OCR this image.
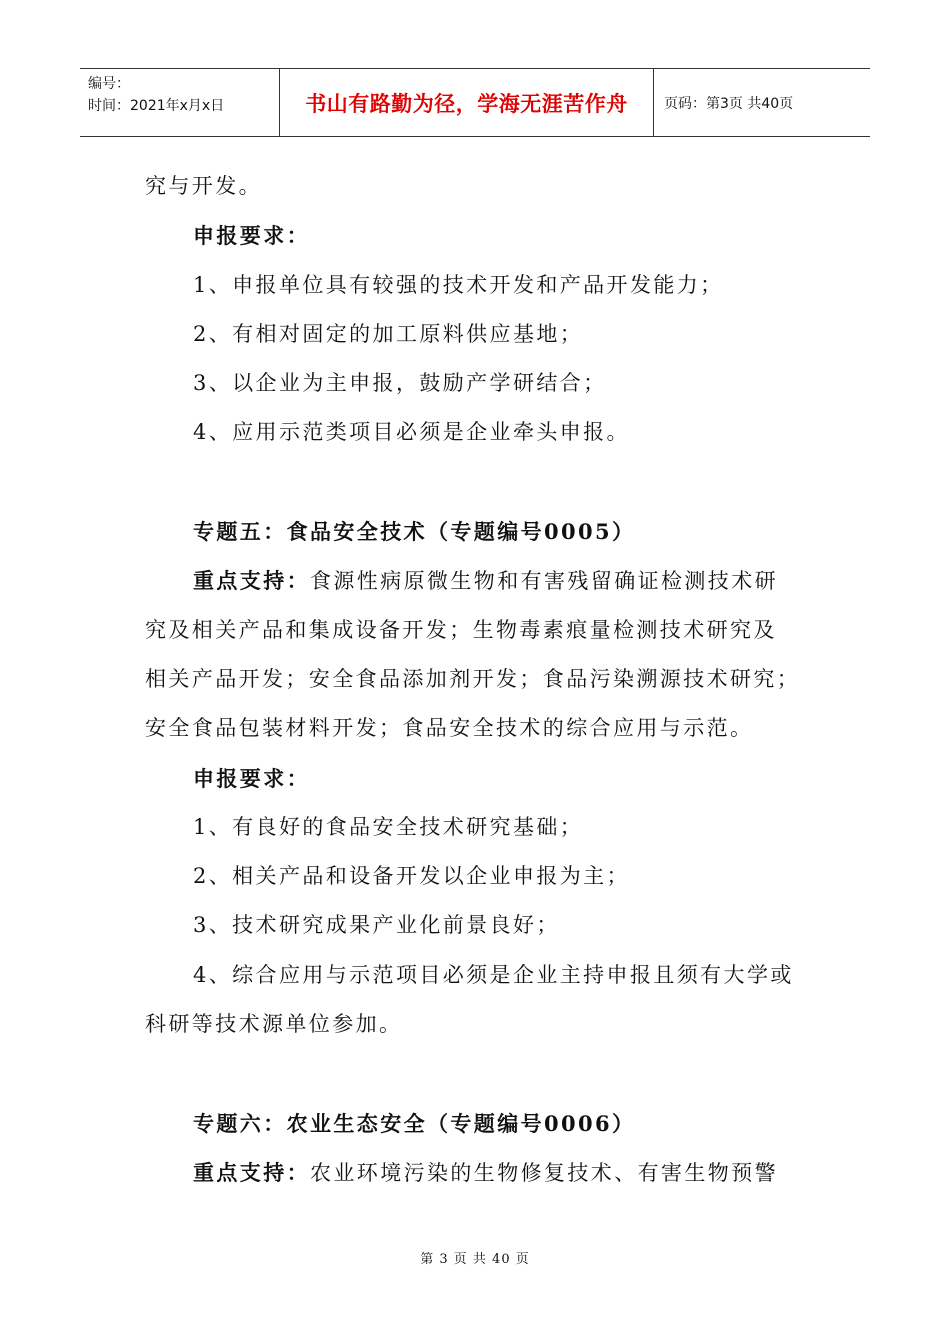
编号：
时间：2021年x月x日	书山有路勤为径，学海无涯苦作舟	页码：第3页 共40页
究与开发。
申报要求：
1、申报单位具有较强的技术开发和产品开发能力；
2、有相对固定的加工原料供应基地；
3、以企业为主申报，鼓励产学研结合；
4、应用示范类项目必须是企业牵头申报。
专题五：食品安全技术（专题编号0005）
重点支持：食源性病原微生物和有害残留确证检测技术研
究及相关产品和集成设备开发；生物毒素痕量检测技术研究及
相关产品开发；安全食品添加剂开发；食品污染溯源技术研究；
安全食品包装材料开发；食品安全技术的综合应用与示范。
申报要求：
1、有良好的食品安全技术研究基础；
2、相关产品和设备开发以企业申报为主；
3、技术研究成果产业化前景良好；
4、综合应用与示范项目必须是企业主持申报且须有大学或
科研等技术源单位参加。
专题六：农业生态安全（专题编号0006）
重点支持：农业环境污染的生物修复技术、有害生物预警
第 3 页 共 40 页
